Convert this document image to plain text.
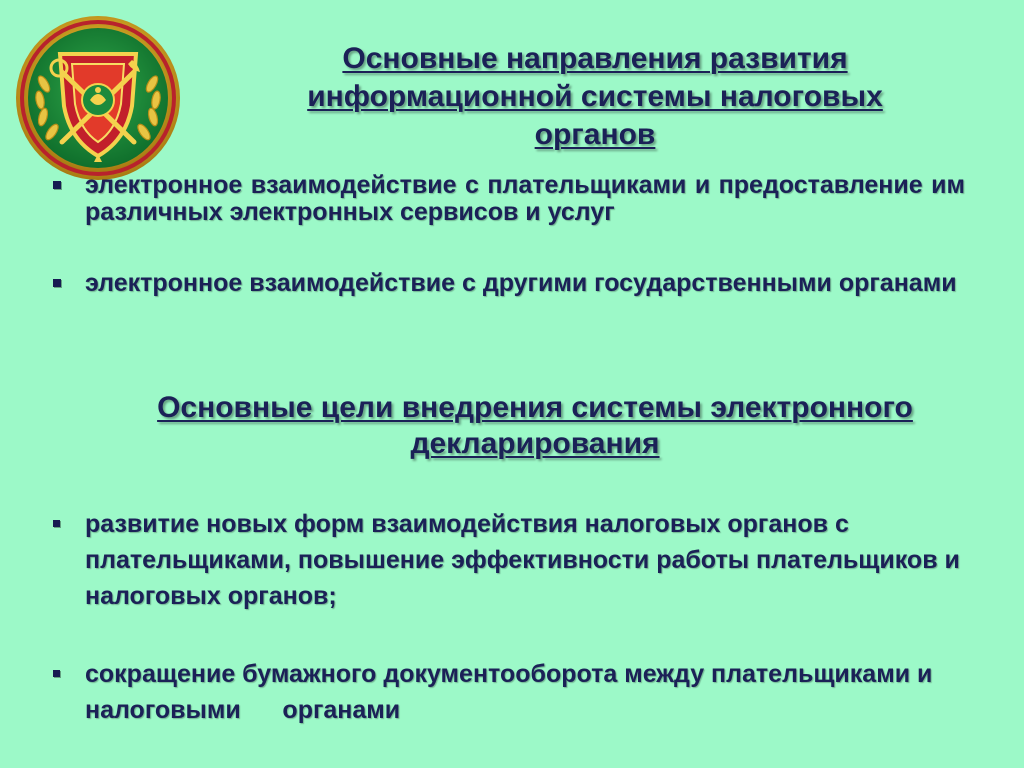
Основные направления развития информационной системы налоговых органов
электронное взаимодействие с плательщиками и предоставление им различных электронных сервисов и услуг
электронное взаимодействие с другими государственными органами
Основные цели внедрения системы электронного декларирования
развитие новых форм взаимодействия налоговых органов с плательщиками, повышение эффективности работы плательщиков и налоговых органов;
сокращение бумажного документооборота между плательщиками и налоговыми      органами
